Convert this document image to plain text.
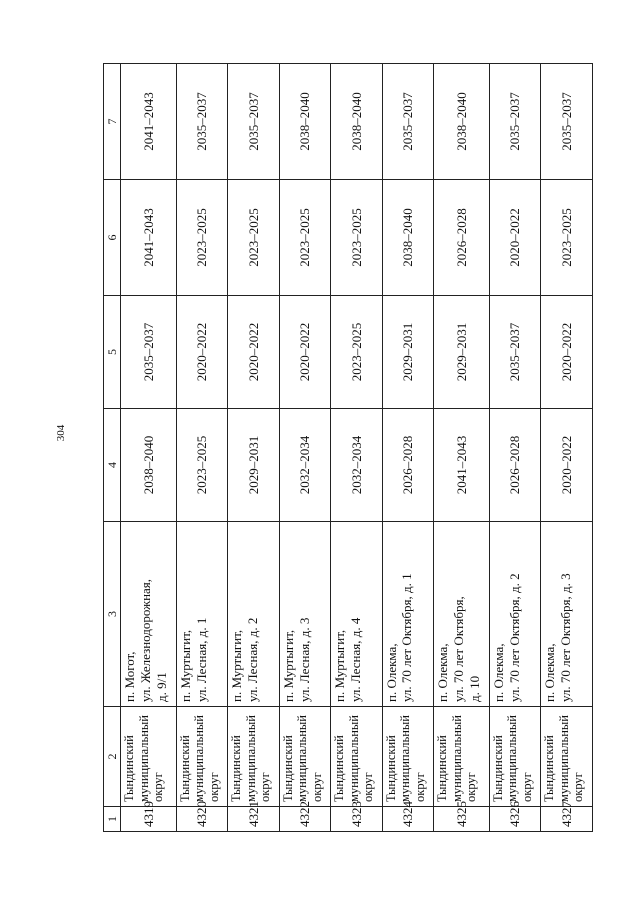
304
1	2	3	4	5	6	7
4319	Тындинский муниципальный округ	п. Могот,
ул. Железнодорожная,
д. 9/1	2038–2040	2035–2037	2041–2043	2041–2043
4320	Тындинский муниципальный округ	п. Муртыгит,
ул. Лесная, д. 1	2023–2025	2020–2022	2023–2025	2035–2037
4321	Тындинский муниципальный округ	п. Муртыгит,
ул. Лесная, д. 2	2029–2031	2020–2022	2023–2025	2035–2037
4322	Тындинский муниципальный округ	п. Муртыгит,
ул. Лесная, д. 3	2032–2034	2020–2022	2023–2025	2038–2040
4323	Тындинский муниципальный округ	п. Муртыгит,
ул. Лесная, д. 4	2032–2034	2023–2025	2023–2025	2038–2040
4324	Тындинский муниципальный округ	п. Олекма,
ул. 70 лет Октября, д. 1	2026–2028	2029–2031	2038–2040	2035–2037
4325	Тындинский муниципальный округ	п. Олекма,
ул. 70 лет Октября,
д. 10	2041–2043	2029–2031	2026–2028	2038–2040
4326	Тындинский муниципальный округ	п. Олекма,
ул. 70 лет Октября, д. 2	2026–2028	2035–2037	2020–2022	2035–2037
4327	Тындинский муниципальный округ	п. Олекма,
ул. 70 лет Октября, д. 3	2020–2022	2020–2022	2023–2025	2035–2037
